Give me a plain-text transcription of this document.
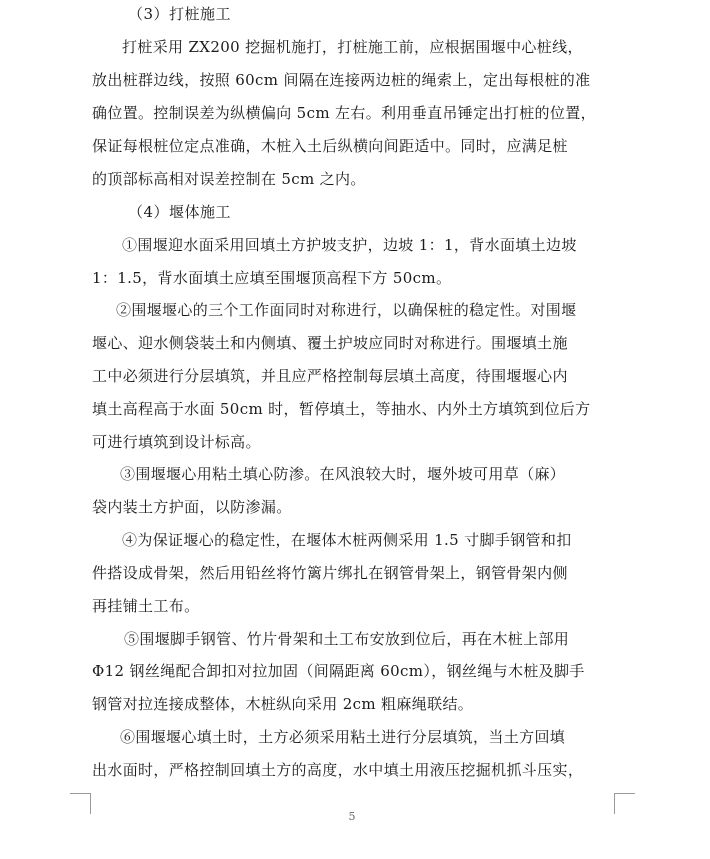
（3）打桩施工
打桩采用 ZX200 挖掘机施打，打桩施工前，应根据围堰中心桩线，
放出桩群边线，按照 60cm 间隔在连接两边桩的绳索上，定出每根桩的准
确位置。控制误差为纵横偏向 5cm 左右。利用垂直吊锤定出打桩的位置，
保证每根桩位定点准确，木桩入土后纵横向间距适中。同时，应满足桩
的顶部标高相对误差控制在 5cm 之内。
（4）堰体施工
①围堰迎水面采用回填土方护坡支护，边坡 1：1，背水面填土边坡
1：1.5，背水面填土应填至围堰顶高程下方 50cm。
②围堰堰心的三个工作面同时对称进行，以确保桩的稳定性。对围堰
堰心、迎水侧袋装土和内侧填、覆土护坡应同时对称进行。围堰填土施
工中必须进行分层填筑，并且应严格控制每层填土高度，待围堰堰心内
填土高程高于水面 50cm 时，暂停填土，等抽水、内外土方填筑到位后方
可进行填筑到设计标高。
③围堰堰心用粘土填心防渗。在风浪较大时，堰外坡可用草（麻）
袋内装土方护面，以防渗漏。
④为保证堰心的稳定性，在堰体木桩两侧采用 1.5 寸脚手钢管和扣
件搭设成骨架，然后用铅丝将竹篱片绑扎在钢管骨架上，钢管骨架内侧
再挂铺土工布。
⑤围堰脚手钢管、竹片骨架和土工布安放到位后，再在木桩上部用
Φ12 钢丝绳配合卸扣对拉加固（间隔距离 60cm），钢丝绳与木桩及脚手
钢管对拉连接成整体，木桩纵向采用 2cm 粗麻绳联结。
⑥围堰堰心填土时，土方必须采用粘土进行分层填筑，当土方回填
出水面时，严格控制回填土方的高度，水中填土用液压挖掘机抓斗压实，
5
